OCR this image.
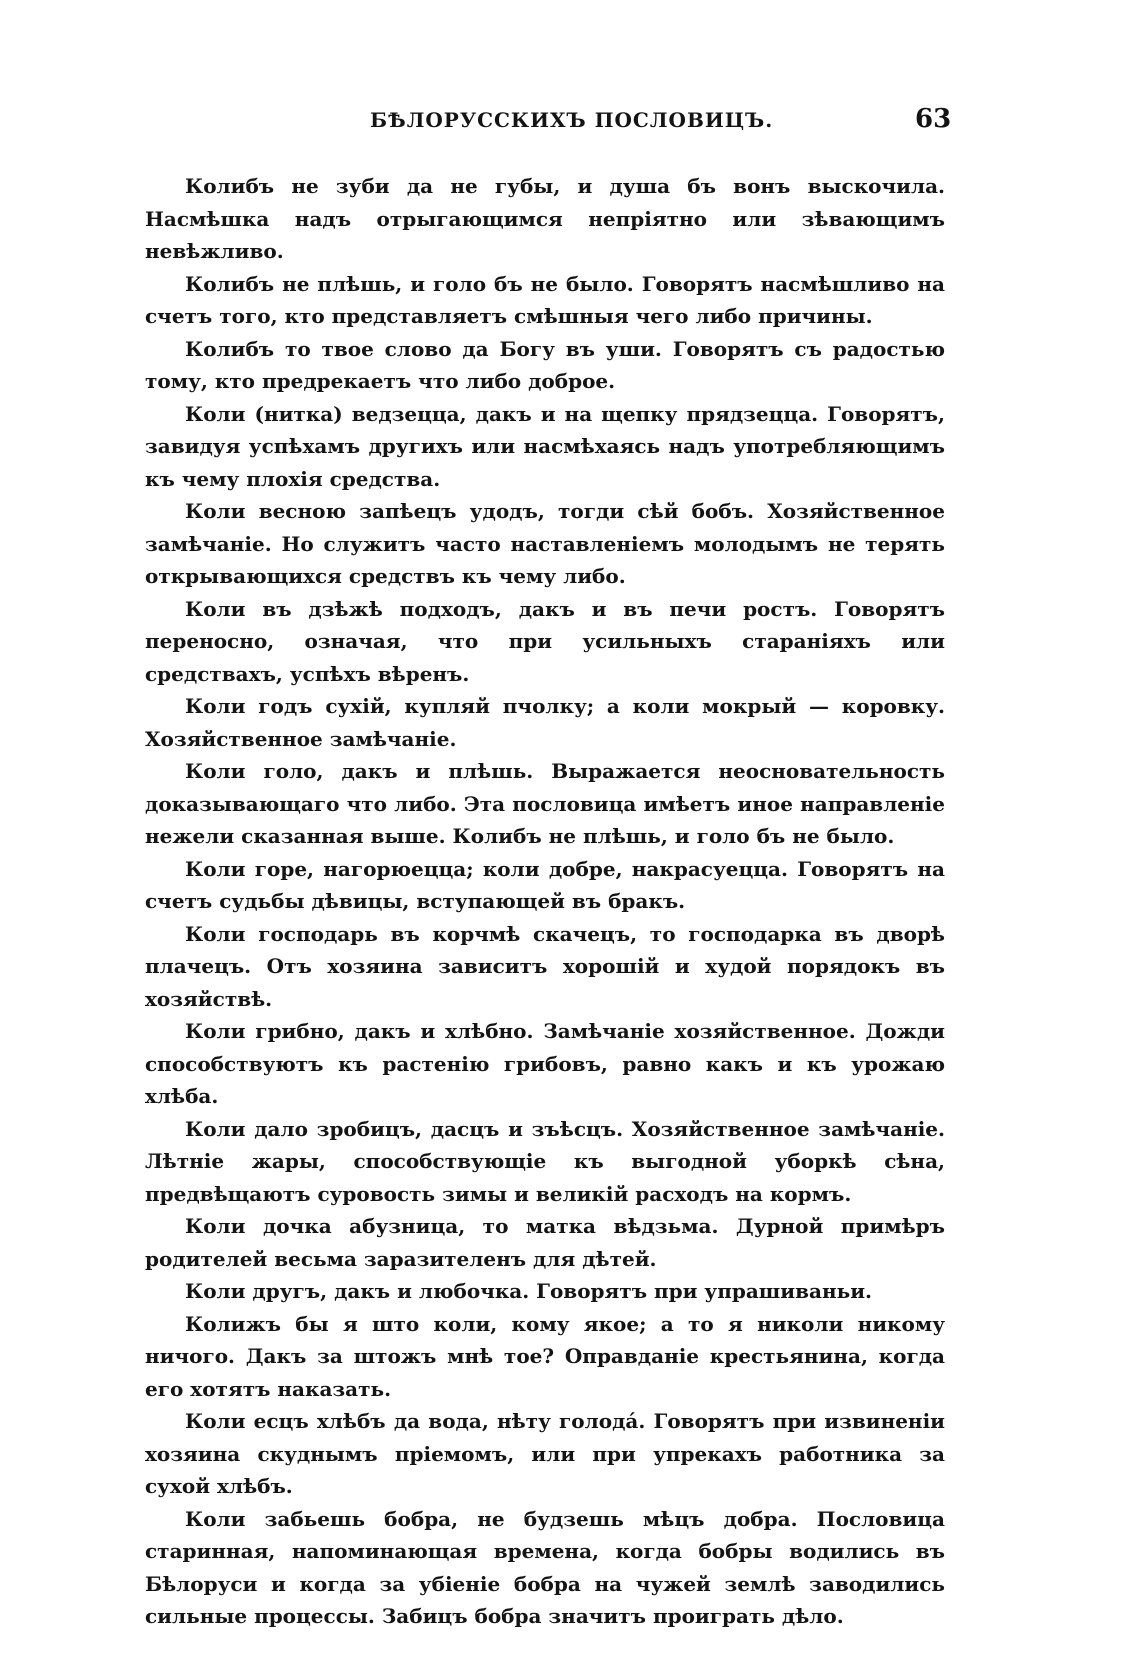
БѢЛОРУССКИХЪ ПОСЛОВИЦЪ.	63

Колибъ не зуби да не губы, и душа бъ вонъ выскочила. Насмѣшка надъ отрыгающимся непріятно или зѣвающимъ невѣжливо.

Колибъ не плѣшь, и голо бъ не было. Говорятъ насмѣшливо на счетъ того, кто представляетъ смѣшныя чего либо причины.

Колибъ то твое слово да Богу въ уши. Говорятъ съ радостью тому, кто предрекаетъ что либо доброе.

Коли (нитка) ведзецца, дакъ и на щепку прядзецца. Говорятъ, завидуя успѣхамъ другихъ или насмѣхаясь надъ употребляющимъ къ чему плохія средства.

Коли весною запѣецъ удодъ, тогди сѣй бобъ. Хозяйственное замѣчаніе. Но служитъ часто наставленіемъ молодымъ не терять открывающихся средствъ къ чему либо.

Коли въ дзѣжѣ подходъ, дакъ и въ печи ростъ. Говорятъ переносно, означая, что при усильныхъ стараніяхъ или средствахъ, успѣхъ вѣренъ.

Коли годъ сухій, купляй пчолку; а коли мокрый — коровку. Хозяйственное замѣчаніе.

Коли голо, дакъ и плѣшь. Выражается неосновательность доказывающаго что либо. Эта пословица имѣетъ иное направленіе нежели сказанная выше. Колибъ не плѣшь, и голо бъ не было.

Коли горе, нагорюецца; коли добре, накрасуецца. Говорятъ на счетъ судьбы дѣвицы, вступающей въ бракъ.

Коли господарь въ корчмѣ скачецъ, то господарка въ дворѣ плачецъ. Отъ хозяина зависитъ хорошій и худой порядокъ въ хозяйствѣ.

Коли грибно, дакъ и хлѣбно. Замѣчаніе хозяйственное. Дожди способствуютъ къ растенію грибовъ, равно какъ и къ урожаю хлѣба.

Коли дало зробицъ, дасцъ и зъѣсцъ. Хозяйственное замѣчаніе. Лѣтніе жары, способствующіе къ выгодной уборкѣ сѣна, предвѣщаютъ суровость зимы и великій расходъ на кормъ.

Коли дочка абузница, то матка вѣдзьма. Дурной примѣръ родителей весьма заразителенъ для дѣтей.

Коли другъ, дакъ и любочка. Говорятъ при упрашиваньи.

Колижъ бы я што коли, кому якое; а то я николи никому ничого. Дакъ за штожъ мнѣ тое? Оправданіе крестьянина, когда его хотятъ наказать.

Коли есцъ хлѣбъ да вода, нѣту голодá. Говорятъ при извиненіи хозяина скуднымъ пріемомъ, или при упрекахъ работника за сухой хлѣбъ.

Коли забьешь бобра, не будзешь мѣцъ добра. Пословица старинная, напоминающая времена, когда бобры водились въ Бѣлоруси и когда за убіеніе бобра на чужей землѣ заводились сильные процессы. Забицъ бобра значитъ проиграть дѣло.
